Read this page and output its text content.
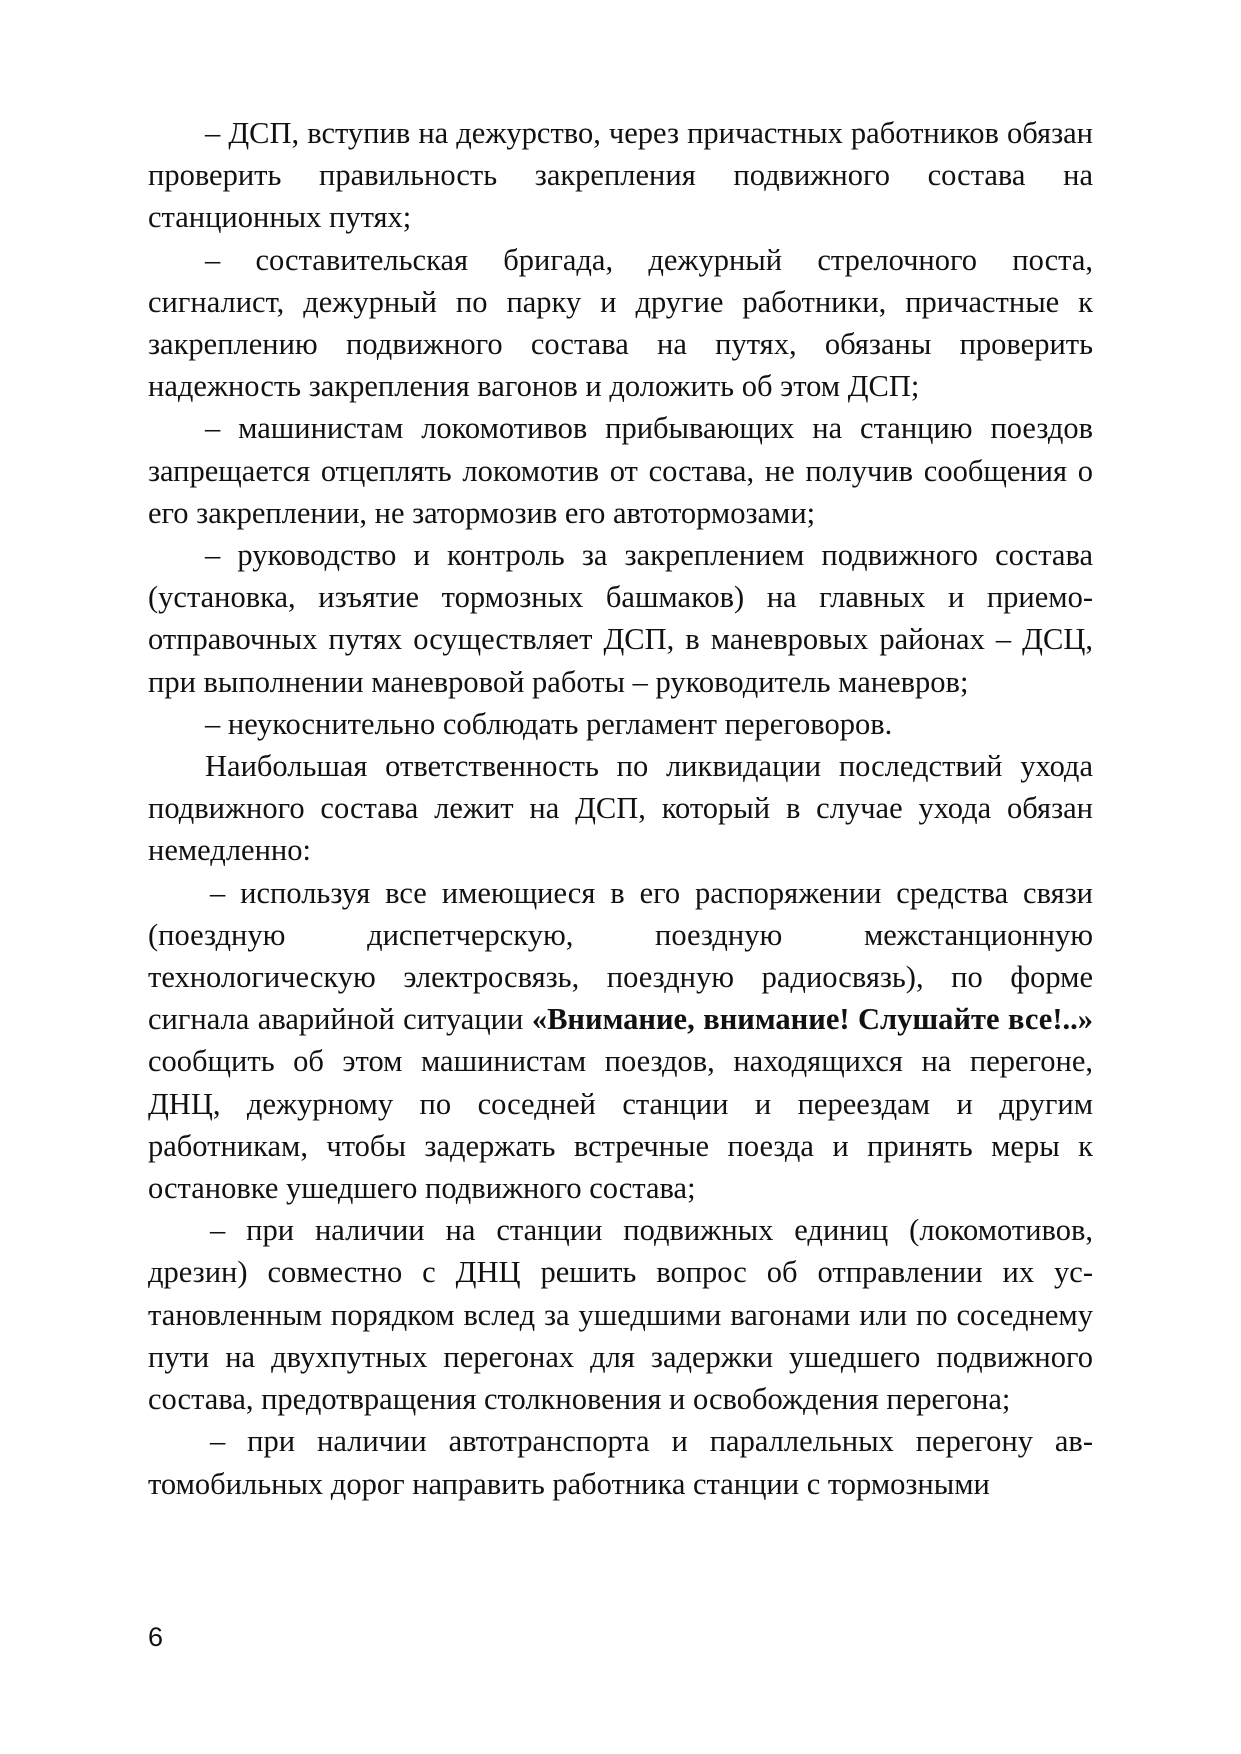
– ДСП, вступив на дежурство, через причастных работников обязан проверить правильность закрепления подвижного состава на станционных путях;

– составительская бригада, дежурный стрелочного поста, сигналист, дежурный по парку и другие работники, причастные к закреплению подвижного состава на путях, обязаны проверить надежность закрепления вагонов и доложить об этом ДСП;

– машинистам локомотивов прибывающих на станцию поездов запрещается отцеплять локомотив от состава, не получив сообщения о его закреплении, не затормозив его автотормозами;

– руководство и контроль за закреплением подвижного состава (установка, изъятие тормозных башмаков) на главных и приемо-отправочных путях осуществляет ДСП, в маневровых районах – ДСЦ, при выполнении маневровой работы – руководитель маневров;

– неукоснительно соблюдать регламент переговоров.

Наибольшая ответственность по ликвидации последствий ухода подвижного состава лежит на ДСП, который в случае ухода обязан немедленно:

– используя все имеющиеся в его распоряжении средства связи (поездную диспетчерскую, поездную межстанционную технологическую электросвязь, поездную радиосвязь), по форме сигнала аварийной ситуации «Внимание, внимание! Слушайте все!..» сообщить об этом машинистам поездов, находящихся на перегоне, ДНЦ, дежурному по соседней станции и переездам и другим работникам, чтобы задержать встречные поезда и принять меры к остановке ушедшего подвижного состава;

– при наличии на станции подвижных единиц (локомотивов, дрезин) совместно с ДНЦ решить вопрос об отправлении их установленным порядком вслед за ушедшими вагонами или по соседнему пути на двухпутных перегонах для задержки ушедшего подвижного состава, предотвращения столкновения и освобождения перегона;

– при наличии автотранспорта и параллельных перегону автомобильных дорог направить работника станции с тормозными

6
